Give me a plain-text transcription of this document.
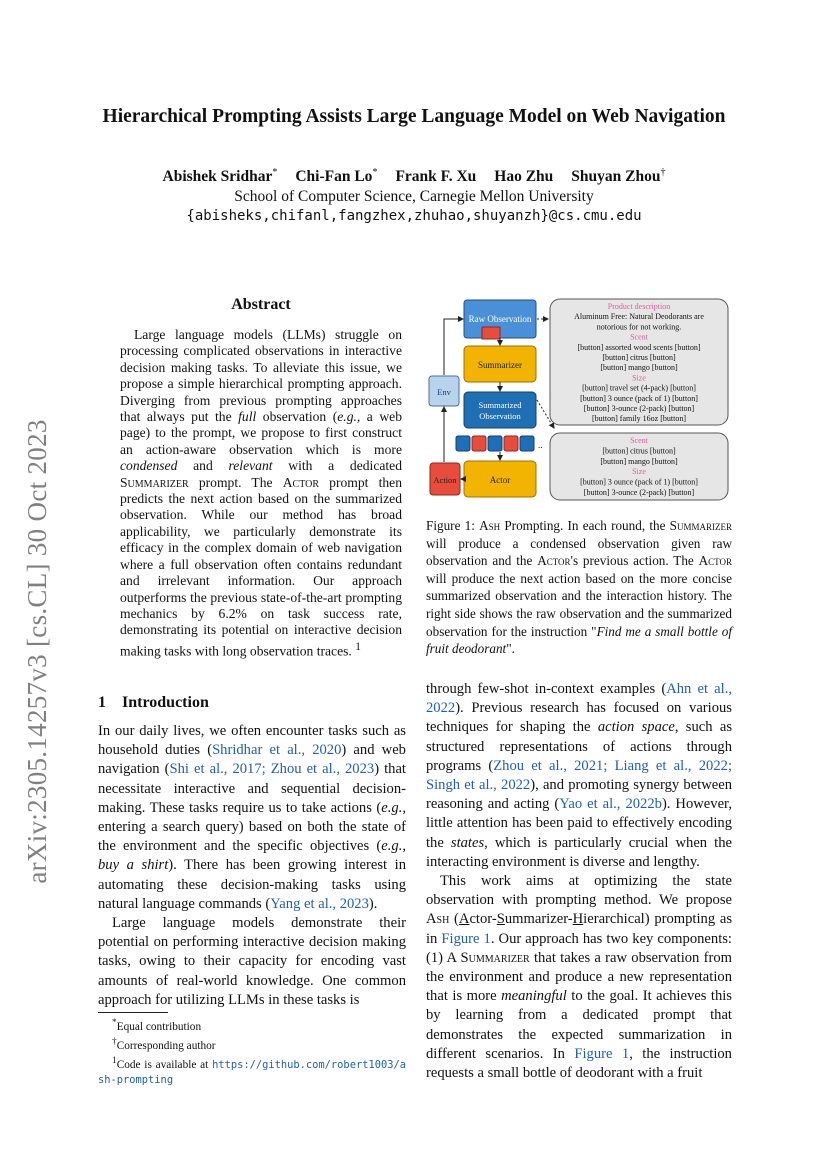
arXiv:2305.14257v3 [cs.CL] 30 Oct 2023
Hierarchical Prompting Assists Large Language Model on Web Navigation
Abishek Sridhar* Chi-Fan Lo* Frank F. Xu Hao Zhu Shuyan Zhou†
School of Computer Science, Carnegie Mellon University
{abisheks,chifanl,fangzhex,zhuhao,shuyanzh}@cs.cmu.edu
Abstract

Large language models (LLMs) struggle on processing complicated observations in interactive decision making tasks. To alleviate this issue, we propose a simple hierarchical prompting approach. Diverging from previous prompting approaches that always put the full observation (e.g., a web page) to the prompt, we propose to first construct an action-aware observation which is more condensed and relevant with a dedicated Summarizer prompt. The Actor prompt then predicts the next action based on the summarized observation. While our method has broad applicability, we particularly demonstrate its efficacy in the complex domain of web navigation where a full observation often contains redundant and irrelevant information. Our approach outperforms the previous state-of-the-art prompting mechanics by 6.2% on task success rate, demonstrating its potential on interactive decision making tasks with long observation traces. $^1$

Raw Observation
Summarizer
Summarized
Observation
..
Actor
Env
Action
Product description
Aluminum Free: Natural Deodorants are
notorious for not working.
Scent
[button] assorted wood scents [button]
[button] citrus [button]
[button] mango [button]
Size
[button] travel set (4-pack) [button]
[button] 3 ounce (pack of 1) [button]
[button] 3-ounce (2-pack) [button]
[button] family 16oz [button]
Scent
[button] citrus [button]
[button] mango [button]
Size
[button] 3 ounce (pack of 1) [button]
[button] 3-ounce (2-pack) [button]

Figure 1: Ash Prompting. In each round, the Summarizer will produce a condensed observation given raw observation and the Actor's previous action. The Actor will produce the next action based on the more concise summarized observation and the interaction history. The right side shows the raw observation and the summarized observation for the instruction "Find me a small bottle of fruit deodorant".

1 Introduction

In our daily lives, we often encounter tasks such as household duties (Shridhar et al., 2020) and web navigation (Shi et al., 2017; Zhou et al., 2023) that necessitate interactive and sequential decision-making. These tasks require us to take actions (e.g., entering a search query) based on both the state of the environment and the specific objectives (e.g., buy a shirt). There has been growing interest in automating these decision-making tasks using natural language commands (Yang et al., 2023).

Large language models demonstrate their potential on performing interactive decision making tasks, owing to their capacity for encoding vast amounts of real-world knowledge. One common approach for utilizing LLMs in these tasks is

through few-shot in-context examples (Ahn et al., 2022). Previous research has focused on various techniques for shaping the action space, such as structured representations of actions through programs (Zhou et al., 2021; Liang et al., 2022; Singh et al., 2022), and promoting synergy between reasoning and acting (Yao et al., 2022b). However, little attention has been paid to effectively encoding the states, which is particularly crucial when the interacting environment is diverse and lengthy.

This work aims at optimizing the state observation with prompting method. We propose Ash (Actor-Summarizer-Hierarchical) prompting as in Figure 1. Our approach has two key components: (1) A Summarizer that takes a raw observation from the environment and produce a new representation that is more meaningful to the goal. It achieves this by learning from a dedicated prompt that demonstrates the expected summarization in different scenarios. In Figure 1, the instruction requests a small bottle of deodorant with a fruit

*Equal contribution

†Corresponding author

$^1$Code is available at https://github.com/robert1003/ash-prompting
